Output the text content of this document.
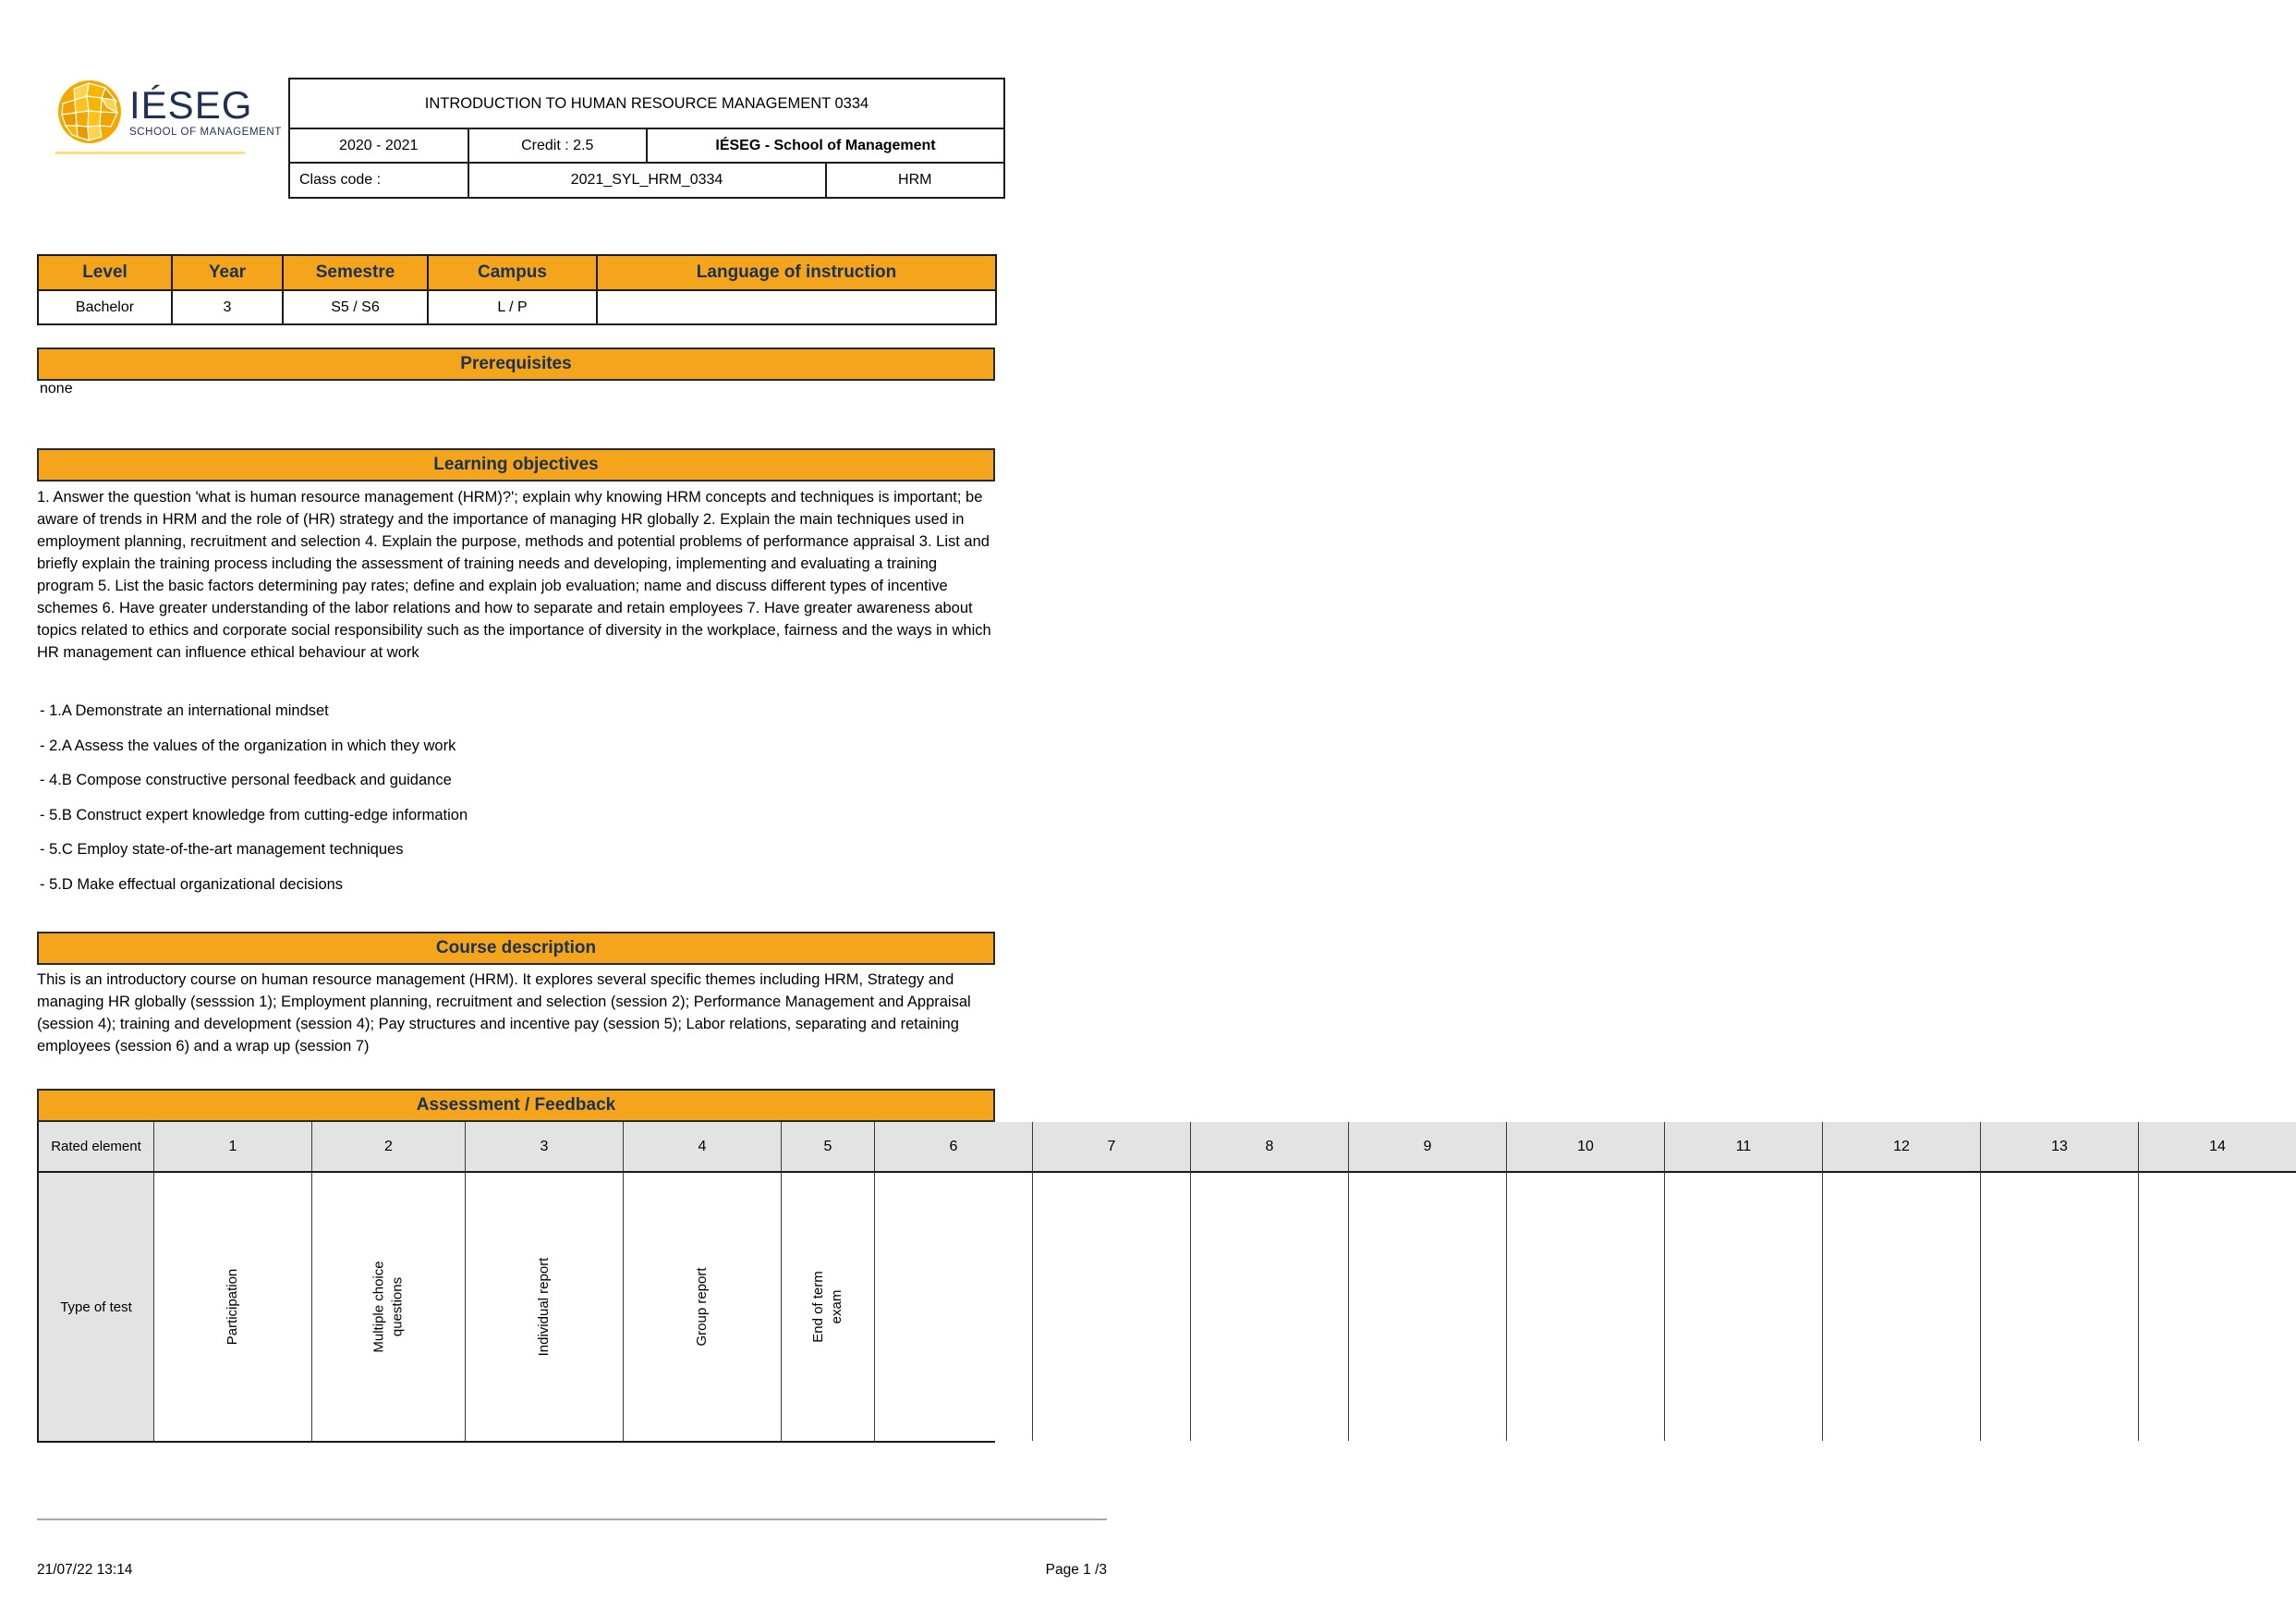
IÉSEG
SCHOOL OF MANAGEMENT
INTRODUCTION TO HUMAN RESOURCE MANAGEMENT 0334			
2020 - 2021	Credit : 2.5	IÉSEG - School of Management	
Class code :	2021_SYL_HRM_0334		HRM
Level	Year	Semestre	Campus	Language of instruction
Bachelor	3	S5 / S6	L / P	
Prerequisites
none
Learning objectives
1. Answer the question 'what is human resource management (HRM)?'; explain why knowing HRM concepts and techniques is important; be aware of trends in HRM and the role of (HR) strategy and the importance of managing HR globally 2. Explain the main techniques used in employment planning, recruitment and selection 4. Explain the purpose, methods and potential problems of performance appraisal 3. List and briefly explain the training process including the assessment of training needs and developing, implementing and evaluating a training program 5. List the basic factors determining pay rates; define and explain job evaluation; name and discuss different types of incentive schemes 6. Have greater understanding of the labor relations and how to separate and retain employees 7. Have greater awareness about topics related to ethics and corporate social responsibility such as the importance of diversity in the workplace, fairness and the ways in which HR management can influence ethical behaviour at work
- 1.A Demonstrate an international mindset
- 2.A Assess the values of the organization in which they work
- 4.B Compose constructive personal feedback and guidance
- 5.B Construct expert knowledge from cutting-edge information
- 5.C Employ state-of-the-art management techniques
- 5.D Make effectual organizational decisions
Course description
This is an introductory course on human resource management (HRM). It explores several specific themes including HRM, Strategy and managing HR globally (sesssion 1); Employment planning, recruitment and selection (session 2); Performance Management and Appraisal (session 4); training and development (session 4); Pay structures and incentive pay (session 5); Labor relations, separating and retaining employees (session 6) and a wrap up (session 7)
Assessment / Feedback
Rated element	1	2	3	4	5	6	7	8	9	10	11	12	13	14
Type of test	Participation	Multiple choice questions	Individual report	Group report	End of term exam
21/07/22 13:14	Page 1 /3
